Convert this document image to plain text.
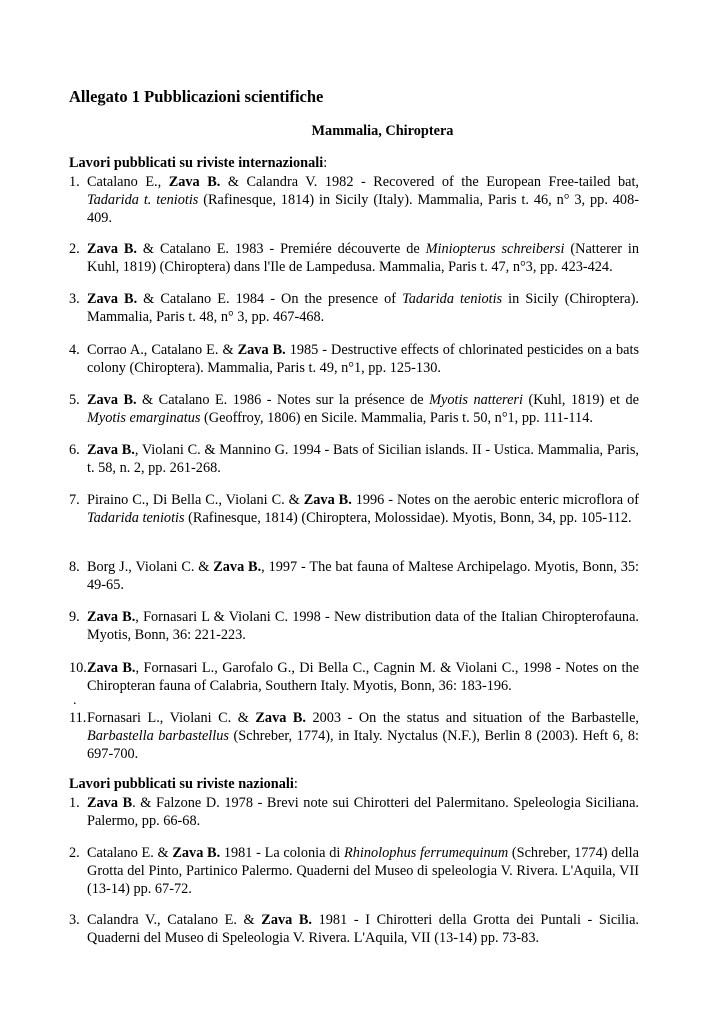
Allegato 1 Pubblicazioni scientifiche
Mammalia, Chiroptera

Lavori pubblicati su riviste internazionali:

1. Catalano E., Zava B. & Calandra V. 1982 - Recovered of the European Free-tailed bat, Tadarida t. teniotis (Rafinesque, 1814) in Sicily (Italy). Mammalia, Paris t. 46, n° 3, pp. 408-409.
2. Zava B. & Catalano E. 1983 - Premiére découverte de Miniopterus schreibersi (Natterer in Kuhl, 1819) (Chiroptera) dans l'Ile de Lampedusa. Mammalia, Paris t. 47, n°3, pp. 423-424.
3. Zava B. & Catalano E. 1984 - On the presence of Tadarida teniotis in Sicily (Chiroptera). Mammalia, Paris t. 48, n° 3, pp. 467-468.
4. Corrao A., Catalano E. & Zava B. 1985 - Destructive effects of chlorinated pesticides on a bats colony (Chiroptera). Mammalia, Paris t. 49, n°1, pp. 125-130.
5. Zava B. & Catalano E. 1986 - Notes sur la présence de Myotis nattereri (Kuhl, 1819) et de Myotis emarginatus (Geoffroy, 1806) en Sicile. Mammalia, Paris t. 50, n°1, pp. 111-114.
6. Zava B., Violani C. & Mannino G. 1994 - Bats of Sicilian islands. II - Ustica. Mammalia, Paris, t. 58, n. 2, pp. 261-268.
7. Piraino C., Di Bella C., Violani C. & Zava B. 1996 - Notes on the aerobic enteric microflora of Tadarida teniotis (Rafinesque, 1814) (Chiroptera, Molossidae). Myotis, Bonn, 34, pp. 105-112.
8. Borg J., Violani C. & Zava B., 1997 - The bat fauna of Maltese Archipelago. Myotis, Bonn, 35: 49-65.
9. Zava B., Fornasari L & Violani C. 1998 - New distribution data of the Italian Chiropterofauna. Myotis, Bonn, 36: 221-223.
10. Zava B., Fornasari L., Garofalo G., Di Bella C., Cagnin M. & Violani C., 1998 - Notes on the Chiropteran fauna of Calabria, Southern Italy. Myotis, Bonn, 36: 183-196.
11. Fornasari L., Violani C. & Zava B. 2003 - On the status and situation of the Barbastelle, Barbastella barbastellus (Schreber, 1774), in Italy. Nyctalus (N.F.), Berlin 8 (2003). Heft 6, 8: 697-700.
.

Lavori pubblicati su riviste nazionali:

1. Zava B. & Falzone D. 1978 - Brevi note sui Chirotteri del Palermitano. Speleologia Siciliana. Palermo, pp. 66-68.
2. Catalano E. & Zava B. 1981 - La colonia di Rhinolophus ferrumequinum (Schreber, 1774) della Grotta del Pinto, Partinico Palermo. Quaderni del Museo di speleologia V. Rivera. L'Aquila, VII (13-14) pp. 67-72.
3. Calandra V., Catalano E. & Zava B. 1981 - I Chirotteri della Grotta dei Puntali - Sicilia. Quaderni del Museo di Speleologia V. Rivera. L'Aquila, VII (13-14) pp. 73-83.
